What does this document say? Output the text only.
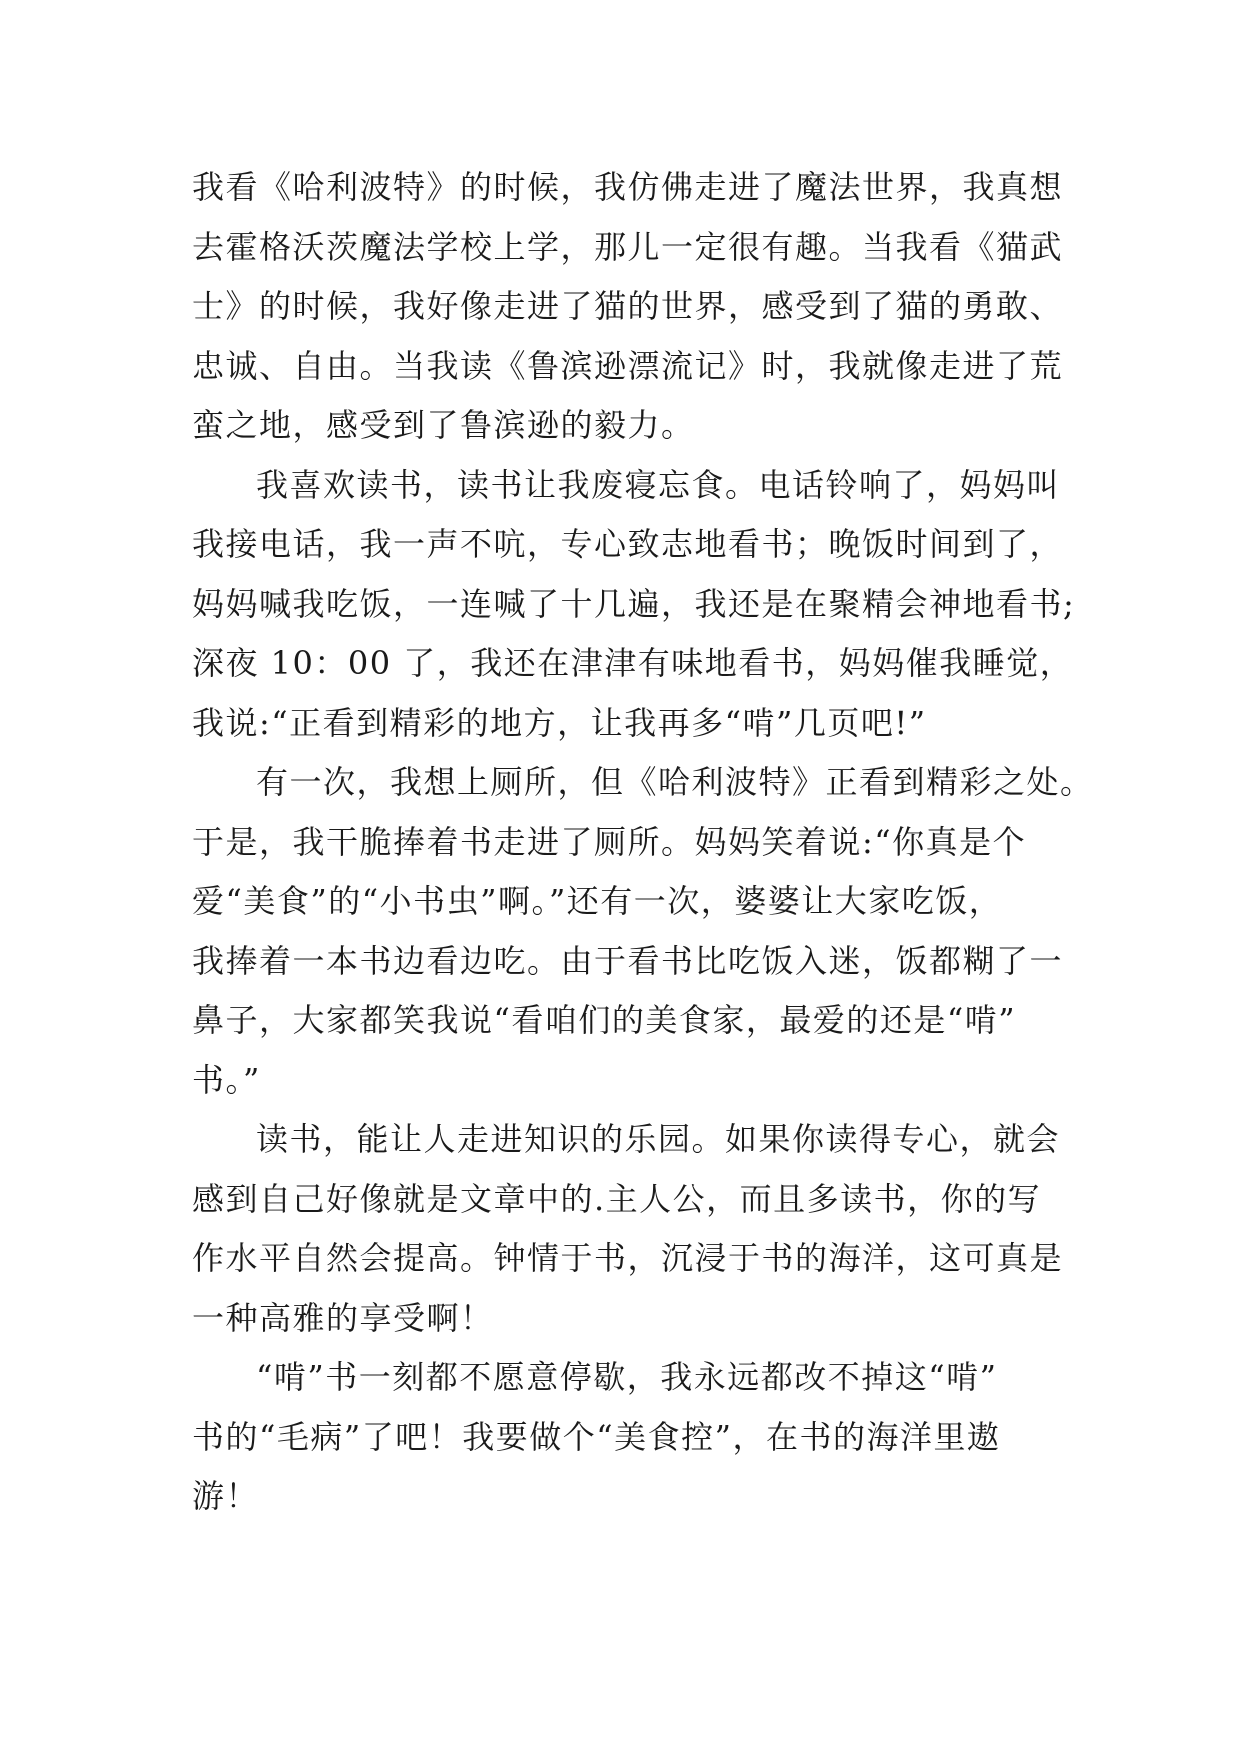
我看《哈利波特》的时候，我仿佛走进了魔法世界，我真想
去霍格沃茨魔法学校上学，那儿一定很有趣。当我看《猫武
士》的时候，我好像走进了猫的世界，感受到了猫的勇敢、
忠诚、自由。当我读《鲁滨逊漂流记》时，我就像走进了荒
蛮之地，感受到了鲁滨逊的毅力。
我喜欢读书，读书让我废寝忘食。电话铃响了，妈妈叫
我接电话，我一声不吭，专心致志地看书；晚饭时间到了，
妈妈喊我吃饭，一连喊了十几遍，我还是在聚精会神地看书;
深夜 10：00 了，我还在津津有味地看书，妈妈催我睡觉，
我说:“正看到精彩的地方，让我再多“啃”几页吧!”
有一次，我想上厕所，但《哈利波特》正看到精彩之处。
于是，我干脆捧着书走进了厕所。妈妈笑着说:“你真是个
爱“美食”的“小书虫”啊。”还有一次，婆婆让大家吃饭，
我捧着一本书边看边吃。由于看书比吃饭入迷，饭都糊了一
鼻子，大家都笑我说“看咱们的美食家，最爱的还是“啃”
书。”
读书，能让人走进知识的乐园。如果你读得专心，就会
感到自己好像就是文章中的.主人公，而且多读书，你的写
作水平自然会提高。钟情于书，沉浸于书的海洋，这可真是
一种高雅的享受啊！
“啃”书一刻都不愿意停歇，我永远都改不掉这“啃”
书的“毛病”了吧！我要做个“美食控”，在书的海洋里遨
游！
